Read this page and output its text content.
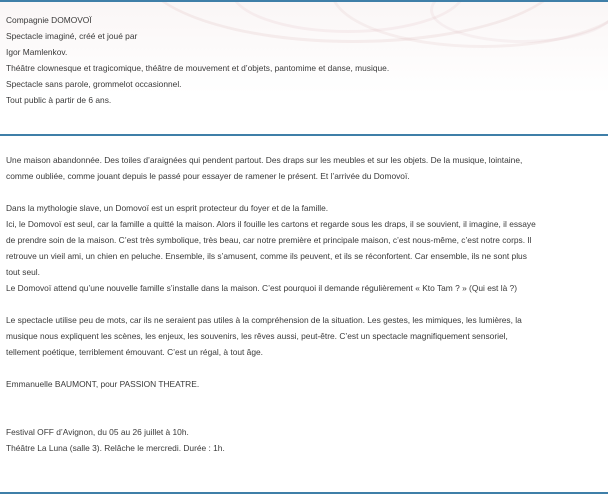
Compagnie DOMOVOÏ
Spectacle imaginé, créé et joué par
Igor Mamlenkov.
Théâtre clownesque et tragicomique, théâtre de mouvement et d’objets, pantomime et danse, musique.
Spectacle sans parole, grommelot occasionnel.
Tout public à partir de 6 ans.
Une maison abandonnée. Des toiles d’araignées qui pendent partout. Des draps sur les meubles et sur les objets. De la musique, lointaine,
comme oubliée, comme jouant depuis le passé pour essayer de ramener le présent. Et l’arrivée du Domovoï.
Dans la mythologie slave, un Domovoï est un esprit protecteur du foyer et de la famille.
Ici, le Domovoï est seul, car la famille a quitté la maison. Alors il fouille les cartons et regarde sous les draps, il se souvient, il imagine, il essaye
de prendre soin de la maison. C’est très symbolique, très beau, car notre première et principale maison, c’est nous-même, c’est notre corps. Il
retrouve un vieil ami, un chien en peluche. Ensemble, ils s’amusent, comme ils peuvent, et ils se réconfortent. Car ensemble, ils ne sont plus
tout seul.
Le Domovoï attend qu’une nouvelle famille s’installe dans la maison. C’est pourquoi il demande régulièrement « Kto Tam ? » (Qui est là ?)
Le spectacle utilise peu de mots, car ils ne seraient pas utiles à la compréhension de la situation. Les gestes, les mimiques, les lumières, la
musique nous expliquent les scènes, les enjeux, les souvenirs, les rêves aussi, peut-être. C’est un spectacle magnifiquement sensoriel,
tellement poétique, terriblement émouvant. C’est un régal, à tout âge.
Emmanuelle BAUMONT, pour PASSION THEATRE.
Festival OFF d’Avignon, du 05 au 26 juillet à 10h.
Théâtre La Luna (salle 3). Relâche le mercredi. Durée : 1h.
